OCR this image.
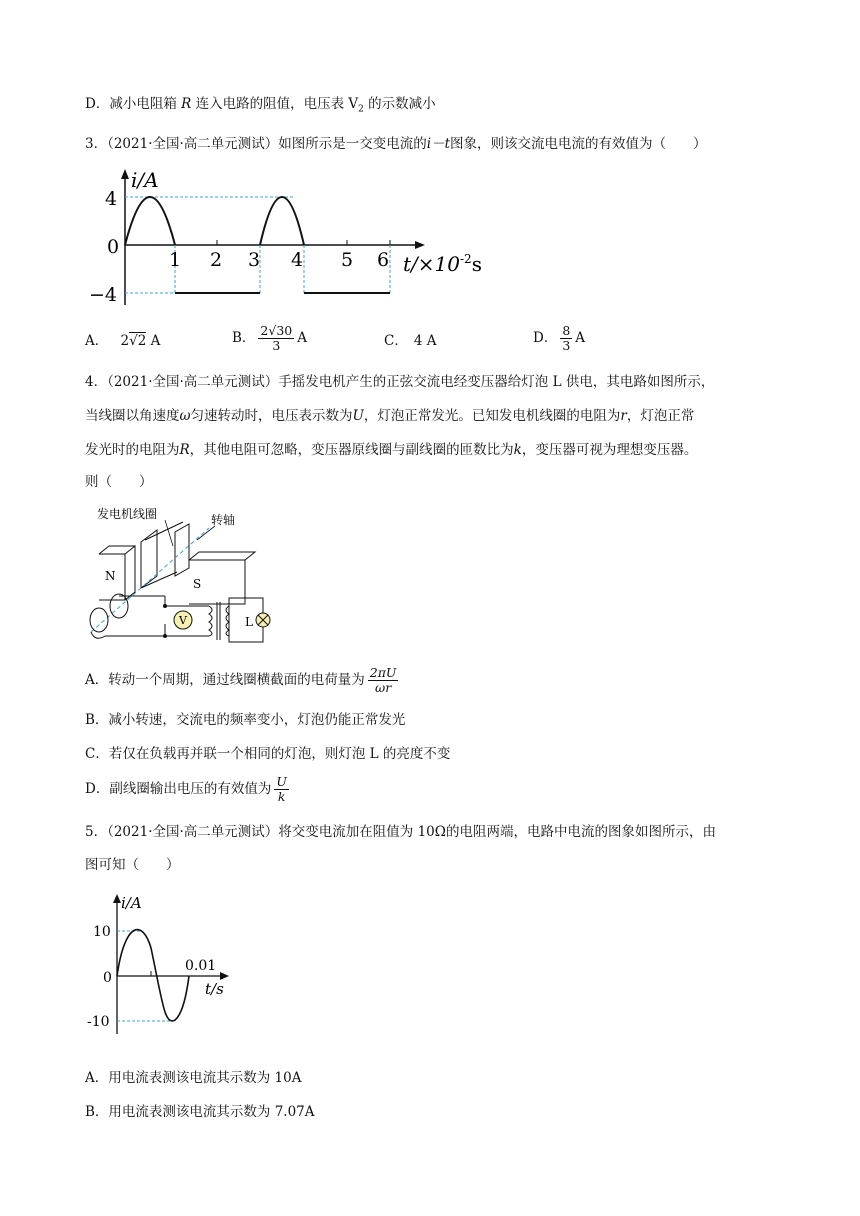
D．减小电阻箱 R 连入电路的阻值，电压表 $V_2$ 的示数减小
3．（2021·全国·高二单元测试）如图所示是一交变电流的i－t图象，则该交流电电流的有效值为（　　）
i/A
4
0
−4
1 2 3 4 5 6 $t/\times 10^{-2}s$
A． 2√2 A	B． $\frac{2√30}{3}$ A	C． 4 A	D． $\frac{8}{3}$ A
4．（2021·全国·高二单元测试）手摇发电机产生的正弦交流电经变压器给灯泡 L 供电，其电路如图所示，
当线圈以角速度ω匀速转动时，电压表示数为U，灯泡正常发光。已知发电机线圈的电阻为r，灯泡正常
发光时的电阻为R，其他电阻可忽略，变压器原线圈与副线圈的匝数比为k，变压器可视为理想变压器。
则（　　）
发电机线圈	转轴
N
S
V	L
A．转动一个周期，通过线圈横截面的电荷量为 $\frac{2\pi U}{\omega r}$
B．减小转速，交流电的频率变小，灯泡仍能正常发光
C．若仅在负载再并联一个相同的灯泡，则灯泡 L 的亮度不变
D．副线圈输出电压的有效值为 $\frac{U}{k}$
5．（2021·全国·高二单元测试）将交变电流加在阻值为 10Ω的电阻两端，电路中电流的图象如图所示，由
图可知（　　）
i/A
10
0
-10
0.01
t/s
A．用电流表测该电流其示数为 10A
B．用电流表测该电流其示数为 7.07A
